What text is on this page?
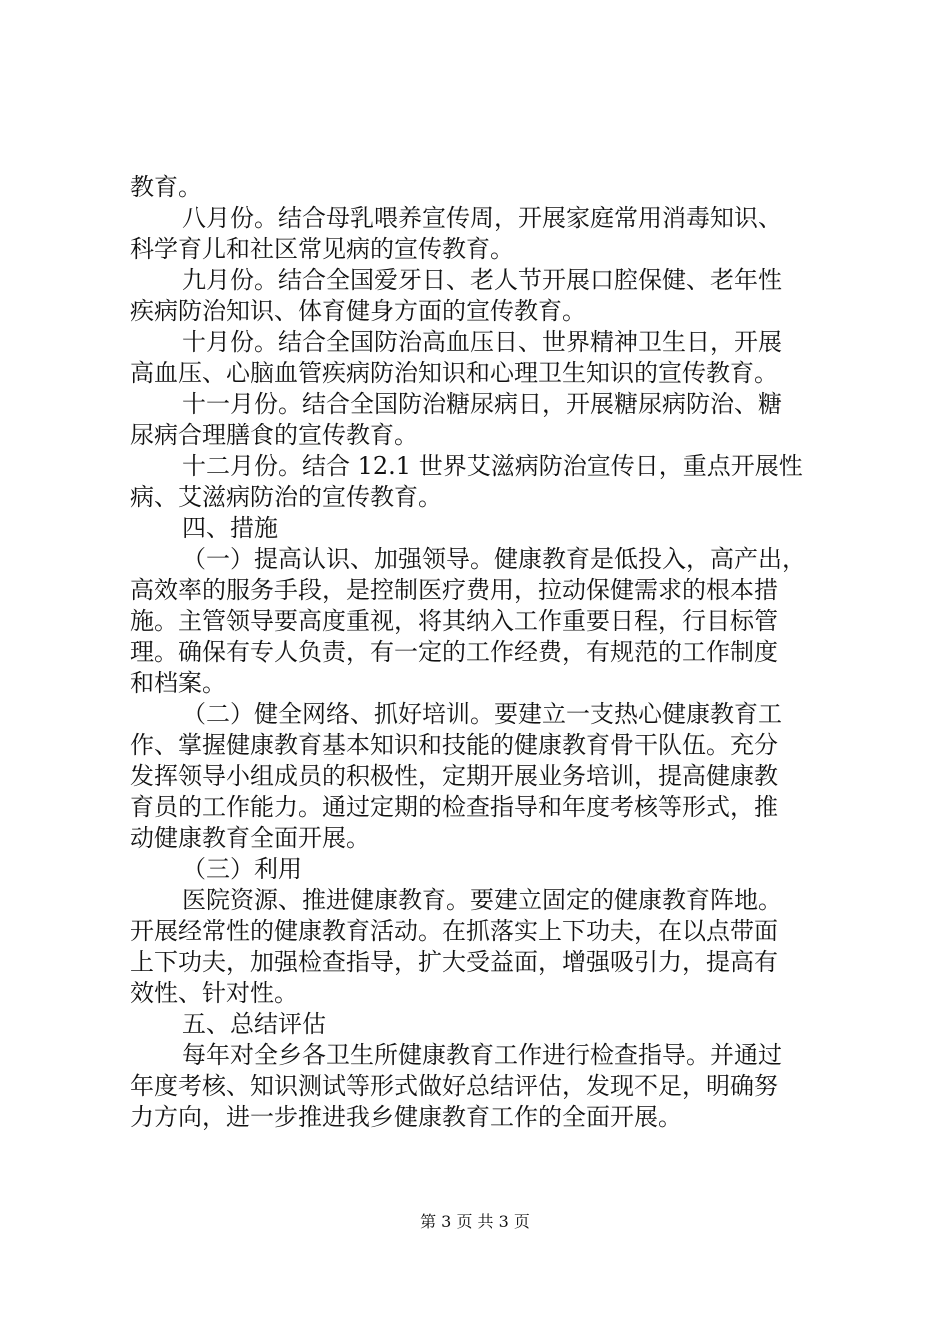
教育。
八月份。结合母乳喂养宣传周，开展家庭常用消毒知识、
科学育儿和社区常见病的宣传教育。
九月份。结合全国爱牙日、老人节开展口腔保健、老年性
疾病防治知识、体育健身方面的宣传教育。
十月份。结合全国防治高血压日、世界精神卫生日，开展
高血压、心脑血管疾病防治知识和心理卫生知识的宣传教育。
十一月份。结合全国防治糖尿病日，开展糖尿病防治、糖
尿病合理膳食的宣传教育。
十二月份。结合 12.1 世界艾滋病防治宣传日，重点开展性
病、艾滋病防治的宣传教育。
四、措施
（一）提高认识、加强领导。健康教育是低投入，高产出，
高效率的服务手段，是控制医疗费用，拉动保健需求的根本措
施。主管领导要高度重视，将其纳入工作重要日程，行目标管
理。确保有专人负责，有一定的工作经费，有规范的工作制度
和档案。
（二）健全网络、抓好培训。要建立一支热心健康教育工
作、掌握健康教育基本知识和技能的健康教育骨干队伍。充分
发挥领导小组成员的积极性，定期开展业务培训，提高健康教
育员的工作能力。通过定期的检查指导和年度考核等形式，推
动健康教育全面开展。
（三）利用
医院资源、推进健康教育。要建立固定的健康教育阵地。
开展经常性的健康教育活动。在抓落实上下功夫，在以点带面
上下功夫，加强检查指导，扩大受益面，增强吸引力，提高有
效性、针对性。
五、总结评估
每年对全乡各卫生所健康教育工作进行检查指导。并通过
年度考核、知识测试等形式做好总结评估，发现不足，明确努
力方向，进一步推进我乡健康教育工作的全面开展。
第 3 页 共 3 页
